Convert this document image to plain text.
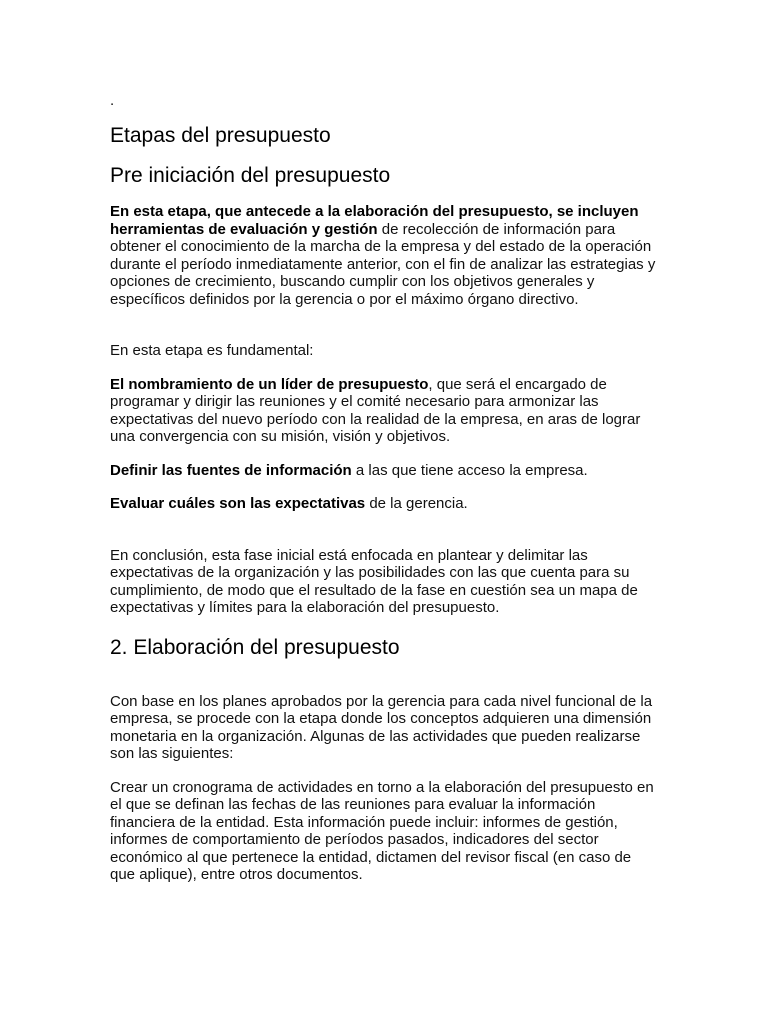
.
Etapas del presupuesto
Pre iniciación del presupuesto

En esta etapa, que antecede a la elaboración del presupuesto, se incluyen herramientas de evaluación y gestión de recolección de información para obtener el conocimiento de la marcha de la empresa y del estado de la operación durante el período inmediatamente anterior, con el fin de analizar las estrategias y opciones de crecimiento, buscando cumplir con los objetivos generales y específicos definidos por la gerencia o por el máximo órgano directivo.

En esta etapa es fundamental:

El nombramiento de un líder de presupuesto, que será el encargado de programar y dirigir las reuniones y el comité necesario para armonizar las expectativas del nuevo período con la realidad de la empresa, en aras de lograr una convergencia con su misión, visión y objetivos.

Definir las fuentes de información a las que tiene acceso la empresa.

Evaluar cuáles son las expectativas de la gerencia.

En conclusión, esta fase inicial está enfocada en plantear y delimitar las expectativas de la organización y las posibilidades con las que cuenta para su cumplimiento, de modo que el resultado de la fase en cuestión sea un mapa de expectativas y límites para la elaboración del presupuesto.

2. Elaboración del presupuesto

Con base en los planes aprobados por la gerencia para cada nivel funcional de la empresa, se procede con la etapa donde los conceptos adquieren una dimensión monetaria en la organización. Algunas de las actividades que pueden realizarse son las siguientes:

Crear un cronograma de actividades en torno a la elaboración del presupuesto en el que se definan las fechas de las reuniones para evaluar la información financiera de la entidad. Esta información puede incluir: informes de gestión, informes de comportamiento de períodos pasados, indicadores del sector económico al que pertenece la entidad, dictamen del revisor fiscal (en caso de que aplique), entre otros documentos.
